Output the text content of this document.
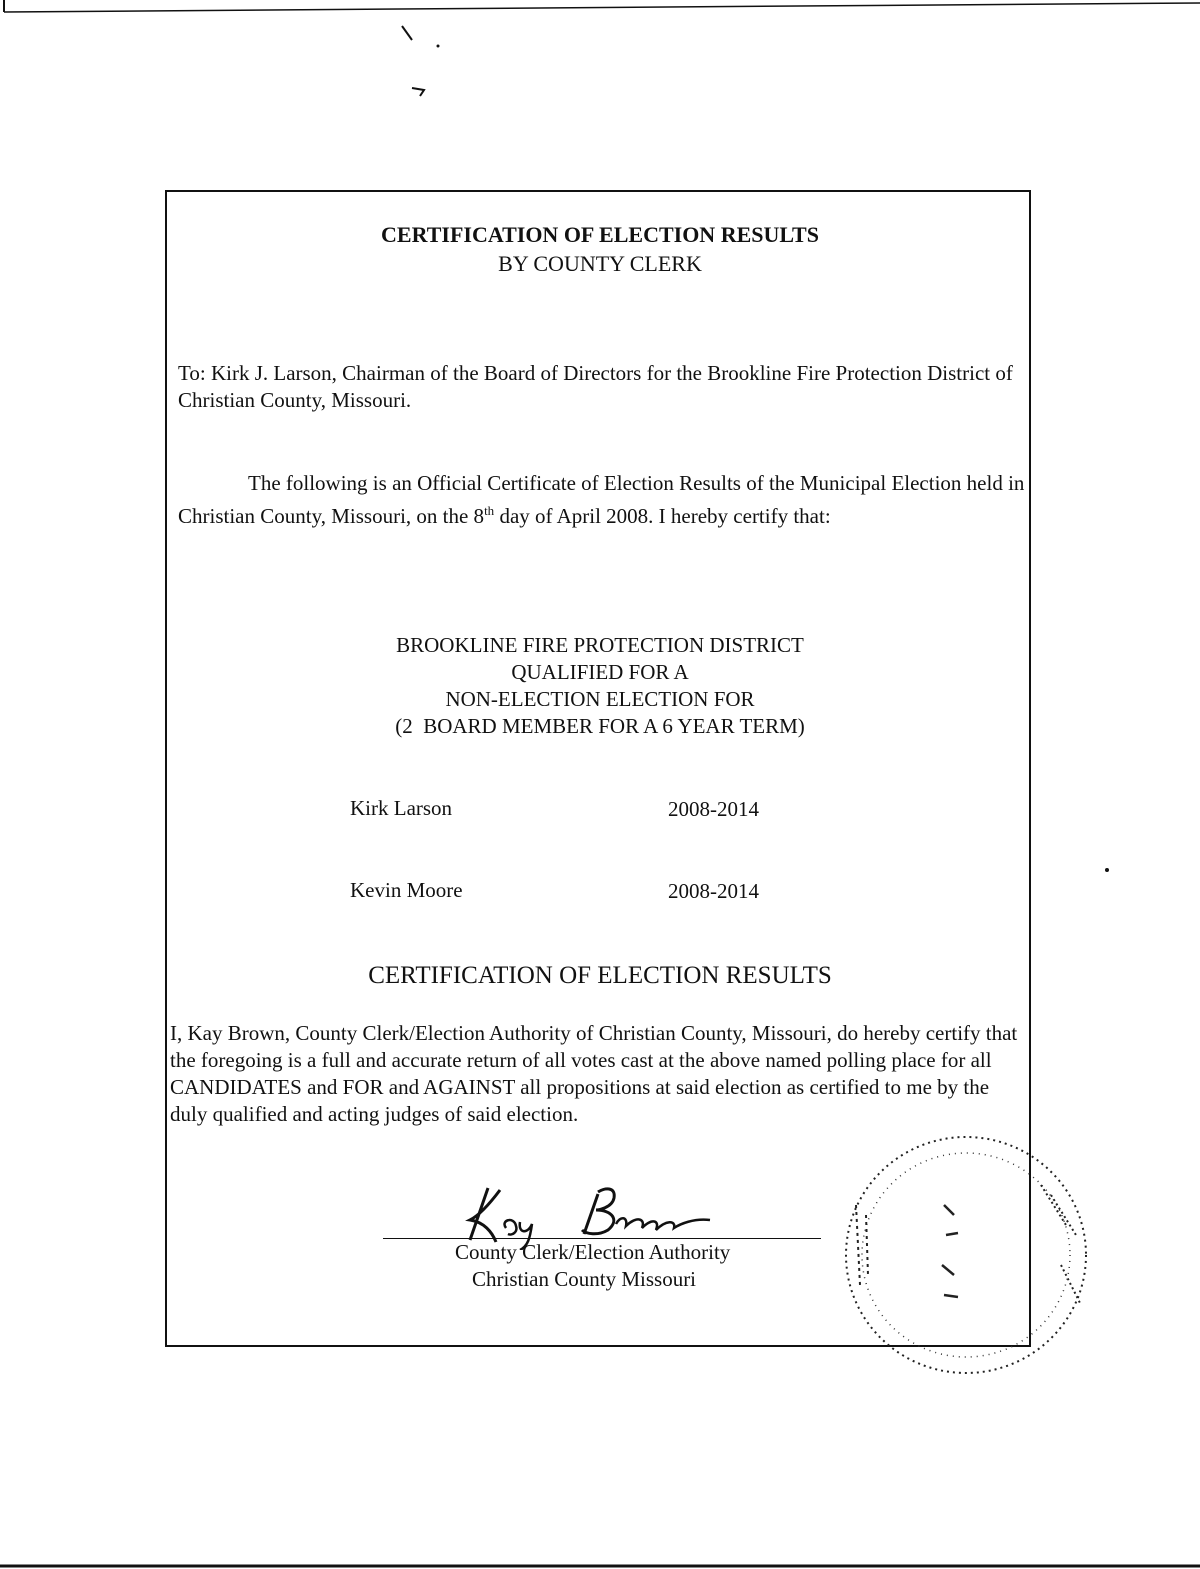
CERTIFICATION OF ELECTION RESULTS
BY COUNTY CLERK
To: Kirk J. Larson, Chairman of the Board of Directors for the Brookline Fire Protection District of Christian County, Missouri.
The following is an Official Certificate of Election Results of the Municipal Election held in Christian County, Missouri, on the 8th day of April 2008. I hereby certify that:
BROOKLINE FIRE PROTECTION DISTRICT
QUALIFIED FOR A
NON-ELECTION ELECTION FOR
(2  BOARD MEMBER FOR A 6 YEAR TERM)
Kirk Larson	2008-2014
Kevin Moore	2008-2014
CERTIFICATION OF ELECTION RESULTS
I, Kay Brown, County Clerk/Election Authority of Christian County, Missouri, do hereby certify that the foregoing is a full and accurate return of all votes cast at the above named polling place for all CANDIDATES and FOR and AGAINST all propositions at said election as certified to me by the duly qualified and acting judges of said election.
County Clerk/Election Authority
Christian County Missouri
